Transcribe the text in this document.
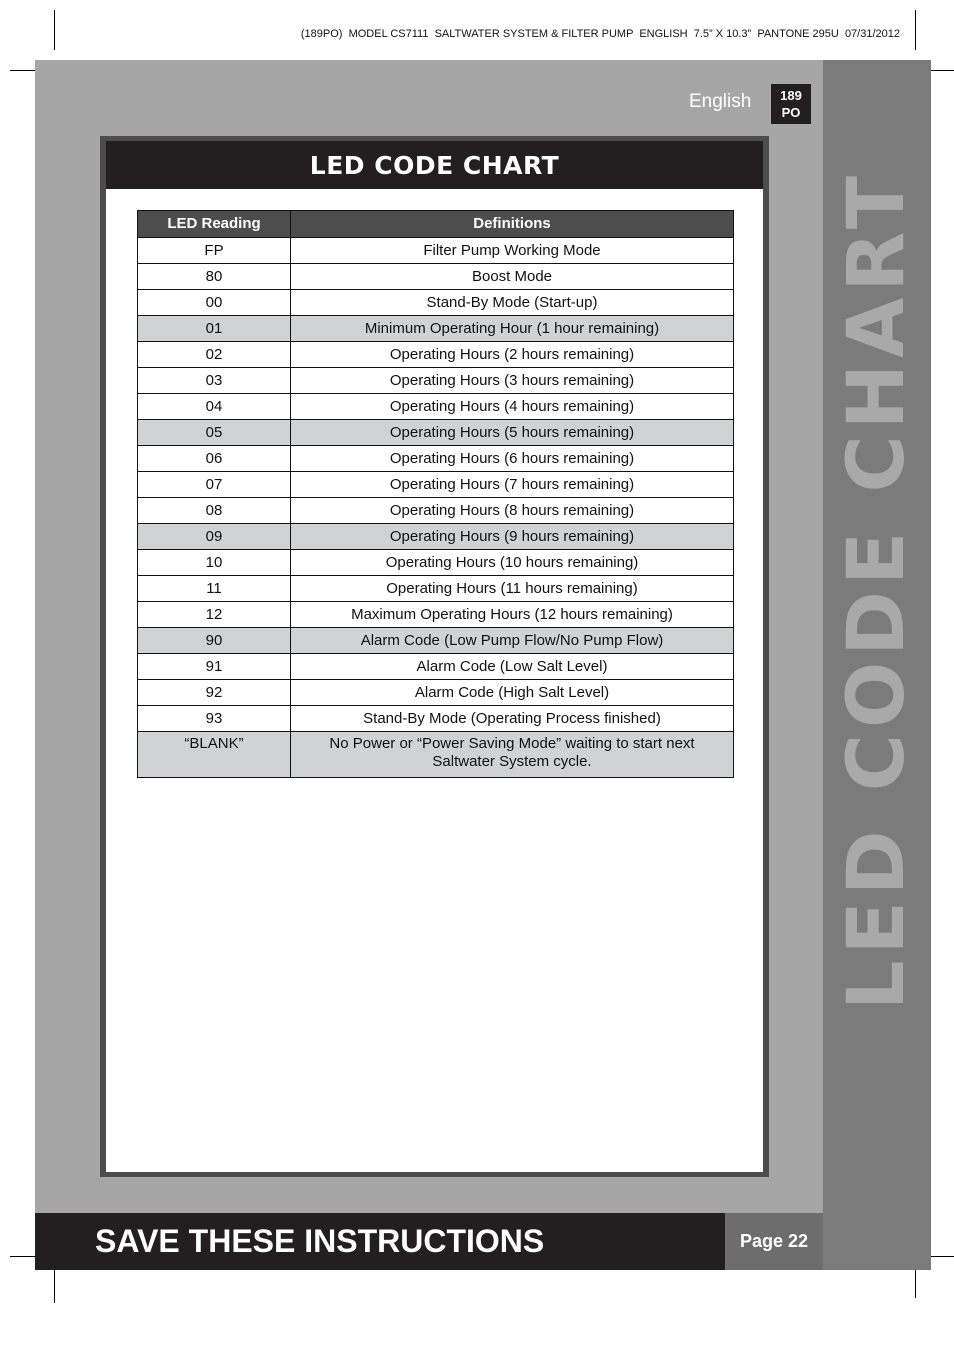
(189PO)  MODEL CS7111  SALTWATER SYSTEM & FILTER PUMP  ENGLISH  7.5” X 10.3”  PANTONE 295U  07/31/2012
LED CODE CHART
English 189
PO
LED CODE CHART
LED Reading	Definitions
FP	Filter Pump Working Mode
80	Boost Mode
00	Stand-By Mode (Start-up)
01	Minimum Operating Hour (1 hour remaining)
02	Operating Hours (2 hours remaining)
03	Operating Hours (3 hours remaining)
04	Operating Hours (4 hours remaining)
05	Operating Hours (5 hours remaining)
06	Operating Hours (6 hours remaining)
07	Operating Hours (7 hours remaining)
08	Operating Hours (8 hours remaining)
09	Operating Hours (9 hours remaining)
10	Operating Hours (10 hours remaining)
11	Operating Hours (11 hours remaining)
12	Maximum Operating Hours (12 hours remaining)
90	Alarm Code (Low Pump Flow/No Pump Flow)
91	Alarm Code (Low Salt Level)
92	Alarm Code (High Salt Level)
93	Stand-By Mode (Operating Process finished)
“BLANK”	No Power or “Power Saving Mode” waiting to start next Saltwater System cycle.
SAVE THESE INSTRUCTIONS	Page 22
